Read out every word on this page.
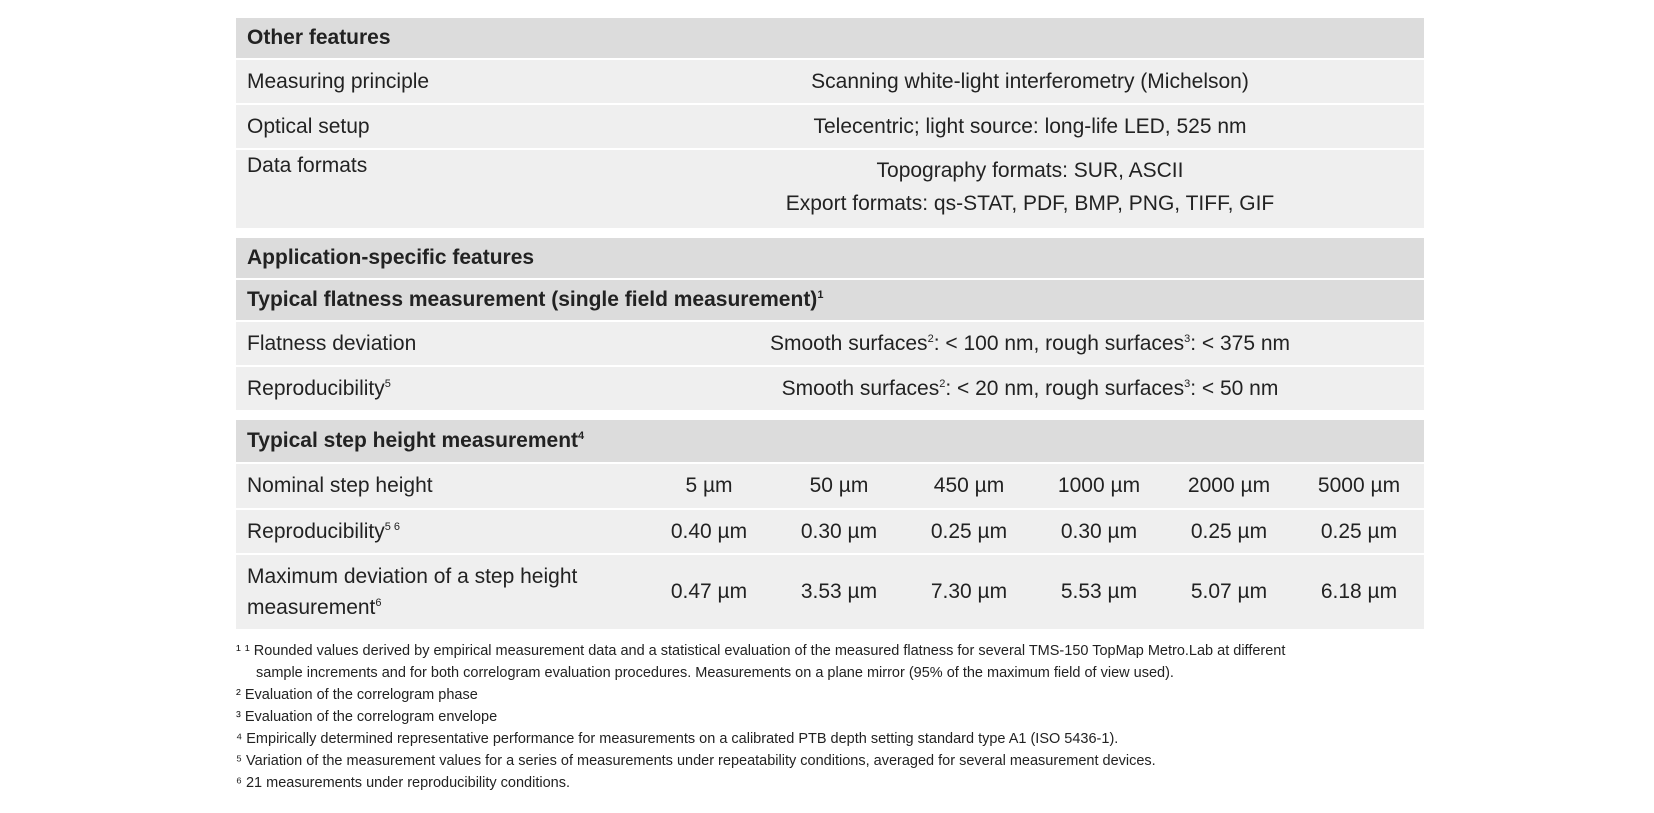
Other features
Measuring principle	Scanning white-light interferometry (Michelson)
Optical setup	Telecentric; light source: long-life LED, 525 nm
Data formats	Topography formats: SUR, ASCII
Export formats: qs-STAT, PDF, BMP, PNG, TIFF, GIF
Application-specific features
Typical flatness measurement (single field measurement)$^1$
Flatness deviation	Smooth surfaces$^2$: < 100 nm, rough surfaces$^3$: < 375 nm
Reproducibility$^5$	Smooth surfaces$^2$: < 20 nm, rough surfaces$^3$: < 50 nm
Typical step height measurement$^4$
Nominal step height	5 µm	50 µm	450 µm	1000 µm	2000 µm	5000 µm
Reproducibility$^{5 6}$	0.40 µm	0.30 µm	0.25 µm	0.30 µm	0.25 µm	0.25 µm
Maximum deviation of a step height
measurement$^6$	0.47 µm	3.53 µm	7.30 µm	5.53 µm	5.07 µm	6.18 µm
¹ ¹ Rounded values derived by empirical measurement data and a statistical evaluation of the measured flatness for several TMS-150 TopMap Metro.Lab at different
sample increments and for both correlogram evaluation procedures. Measurements on a plane mirror (95% of the maximum field of view used).
² Evaluation of the correlogram phase
³ Evaluation of the correlogram envelope
⁴ Empirically determined representative performance for measurements on a calibrated PTB depth setting standard type A1 (ISO 5436-1).
⁵ Variation of the measurement values for a series of measurements under repeatability conditions, averaged for several measurement devices.
⁶ 21 measurements under reproducibility conditions.
